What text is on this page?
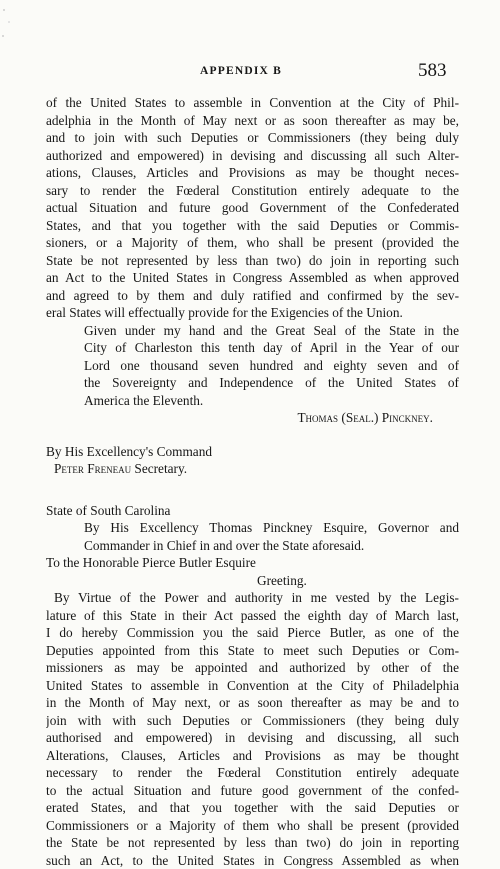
APPENDIX B	583
of the United States to assemble in Convention at the City of Phil-
adelphia in the Month of May next or as soon thereafter as may be,
and to join with such Deputies or Commissioners (they being duly
authorized and empowered) in devising and discussing all such Alter-
ations, Clauses, Articles and Provisions as may be thought neces-
sary to render the Fœderal Constitution entirely adequate to the
actual Situation and future good Government of the Confederated
States, and that you together with the said Deputies or Commis-
sioners, or a Majority of them, who shall be present (provided the
State be not represented by less than two) do join in reporting such
an Act to the United States in Congress Assembled as when approved
and agreed to by them and duly ratified and confirmed by the sev-
eral States will effectually provide for the Exigencies of the Union.
Given under my hand and the Great Seal of the State in the
City of Charleston this tenth day of April in the Year of our
Lord one thousand seven hundred and eighty seven and of
the Sovereignty and Independence of the United States of
America the Eleventh.
Thomas (Seal.) Pinckney.
By His Excellency's Command
Peter Freneau Secretary.
State of South Carolina
By His Excellency Thomas Pinckney Esquire, Governor and
Commander in Chief in and over the State aforesaid.
To the Honorable Pierce Butler Esquire
Greeting.
By Virtue of the Power and authority in me vested by the Legis-
lature of this State in their Act passed the eighth day of March last,
I do hereby Commission you the said Pierce Butler, as one of the
Deputies appointed from this State to meet such Deputies or Com-
missioners as may be appointed and authorized by other of the
United States to assemble in Convention at the City of Philadelphia
in the Month of May next, or as soon thereafter as may be and to
join with with such Deputies or Commissioners (they being duly
authorised and empowered) in devising and discussing, all such
Alterations, Clauses, Articles and Provisions as may be thought
necessary to render the Fœderal Constitution entirely adequate
to the actual Situation and future good government of the confed-
erated States, and that you together with the said Deputies or
Commissioners or a Majority of them who shall be present (provided
the State be not represented by less than two) do join in reporting
such an Act, to the United States in Congress Assembled as when
